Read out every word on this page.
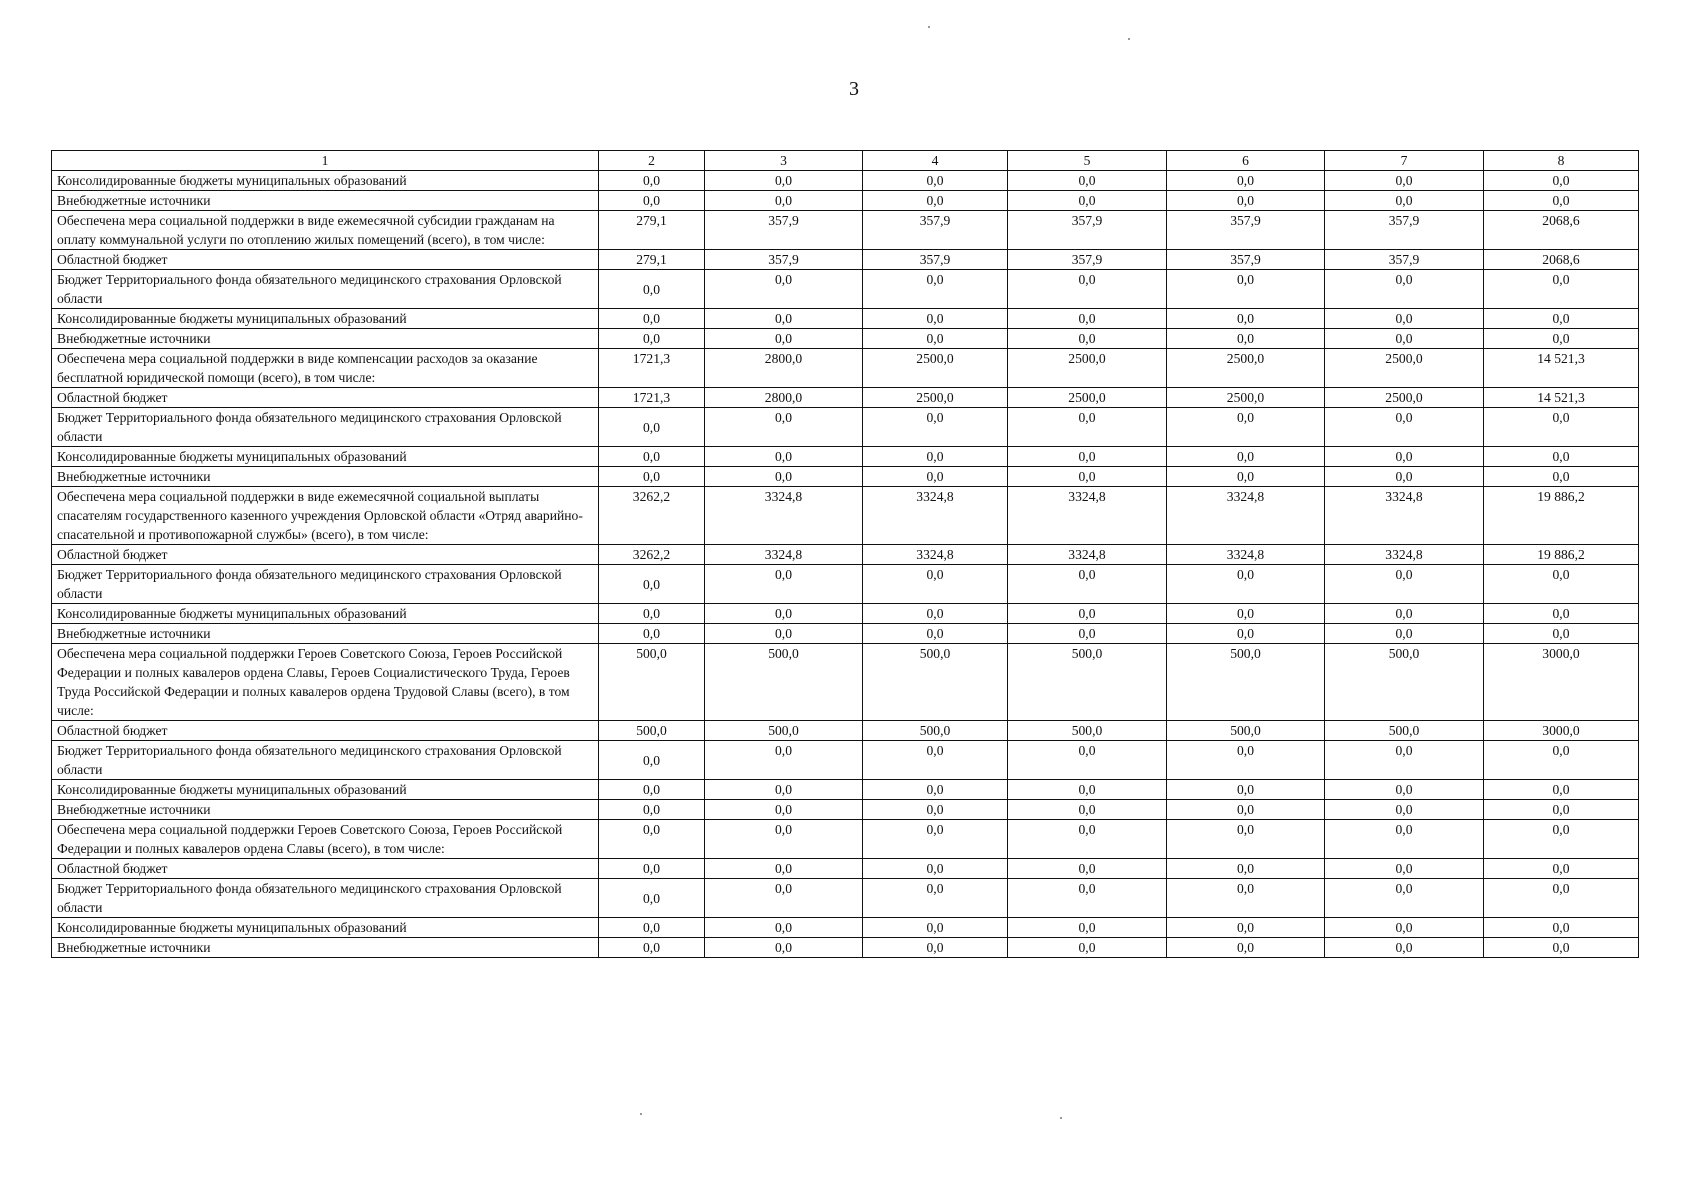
3
1	2	3	4	5	6	7	8
Консолидированные бюджеты муниципальных образований	0,0	0,0	0,0	0,0	0,0	0,0	0,0
Внебюджетные источники	0,0	0,0	0,0	0,0	0,0	0,0	0,0
Обеспечена мера социальной поддержки в виде ежемесячной субсидии гражданам на оплату коммунальной услуги по отоплению жилых помещений (всего), в том числе:	279,1	357,9	357,9	357,9	357,9	357,9	2068,6
Областной бюджет	279,1	357,9	357,9	357,9	357,9	357,9	2068,6
Бюджет Территориального фонда обязательного медицинского страхования Орловской области	0,0	0,0	0,0	0,0	0,0	0,0	0,0
Консолидированные бюджеты муниципальных образований	0,0	0,0	0,0	0,0	0,0	0,0	0,0
Внебюджетные источники	0,0	0,0	0,0	0,0	0,0	0,0	0,0
Обеспечена мера социальной поддержки в виде компенсации расходов за оказание бесплатной юридической помощи (всего), в том числе:	1721,3	2800,0	2500,0	2500,0	2500,0	2500,0	14 521,3
Областной бюджет	1721,3	2800,0	2500,0	2500,0	2500,0	2500,0	14 521,3
Бюджет Территориального фонда обязательного медицинского страхования Орловской области	0,0	0,0	0,0	0,0	0,0	0,0	0,0
Консолидированные бюджеты муниципальных образований	0,0	0,0	0,0	0,0	0,0	0,0	0,0
Внебюджетные источники	0,0	0,0	0,0	0,0	0,0	0,0	0,0
Обеспечена мера социальной поддержки в виде ежемесячной социальной выплаты спасателям государственного казенного учреждения Орловской области «Отряд аварийно-спасательной и противопожарной службы» (всего), в том числе:	3262,2	3324,8	3324,8	3324,8	3324,8	3324,8	19 886,2
Областной бюджет	3262,2	3324,8	3324,8	3324,8	3324,8	3324,8	19 886,2
Бюджет Территориального фонда обязательного медицинского страхования Орловской области	0,0	0,0	0,0	0,0	0,0	0,0	0,0
Консолидированные бюджеты муниципальных образований	0,0	0,0	0,0	0,0	0,0	0,0	0,0
Внебюджетные источники	0,0	0,0	0,0	0,0	0,0	0,0	0,0
Обеспечена мера социальной поддержки Героев Советского Союза, Героев Российской Федерации и полных кавалеров ордена Славы, Героев Социалистического Труда, Героев Труда Российской Федерации и полных кавалеров ордена Трудовой Славы (всего), в том числе:	500,0	500,0	500,0	500,0	500,0	500,0	3000,0
Областной бюджет	500,0	500,0	500,0	500,0	500,0	500,0	3000,0
Бюджет Территориального фонда обязательного медицинского страхования Орловской области	0,0	0,0	0,0	0,0	0,0	0,0	0,0
Консолидированные бюджеты муниципальных образований	0,0	0,0	0,0	0,0	0,0	0,0	0,0
Внебюджетные источники	0,0	0,0	0,0	0,0	0,0	0,0	0,0
Обеспечена мера социальной поддержки Героев Советского Союза, Героев Российской Федерации и полных кавалеров ордена Славы (всего), в том числе:	0,0	0,0	0,0	0,0	0,0	0,0	0,0
Областной бюджет	0,0	0,0	0,0	0,0	0,0	0,0	0,0
Бюджет Территориального фонда обязательного медицинского страхования Орловской области	0,0	0,0	0,0	0,0	0,0	0,0	0,0
Консолидированные бюджеты муниципальных образований	0,0	0,0	0,0	0,0	0,0	0,0	0,0
Внебюджетные источники	0,0	0,0	0,0	0,0	0,0	0,0	0,0
